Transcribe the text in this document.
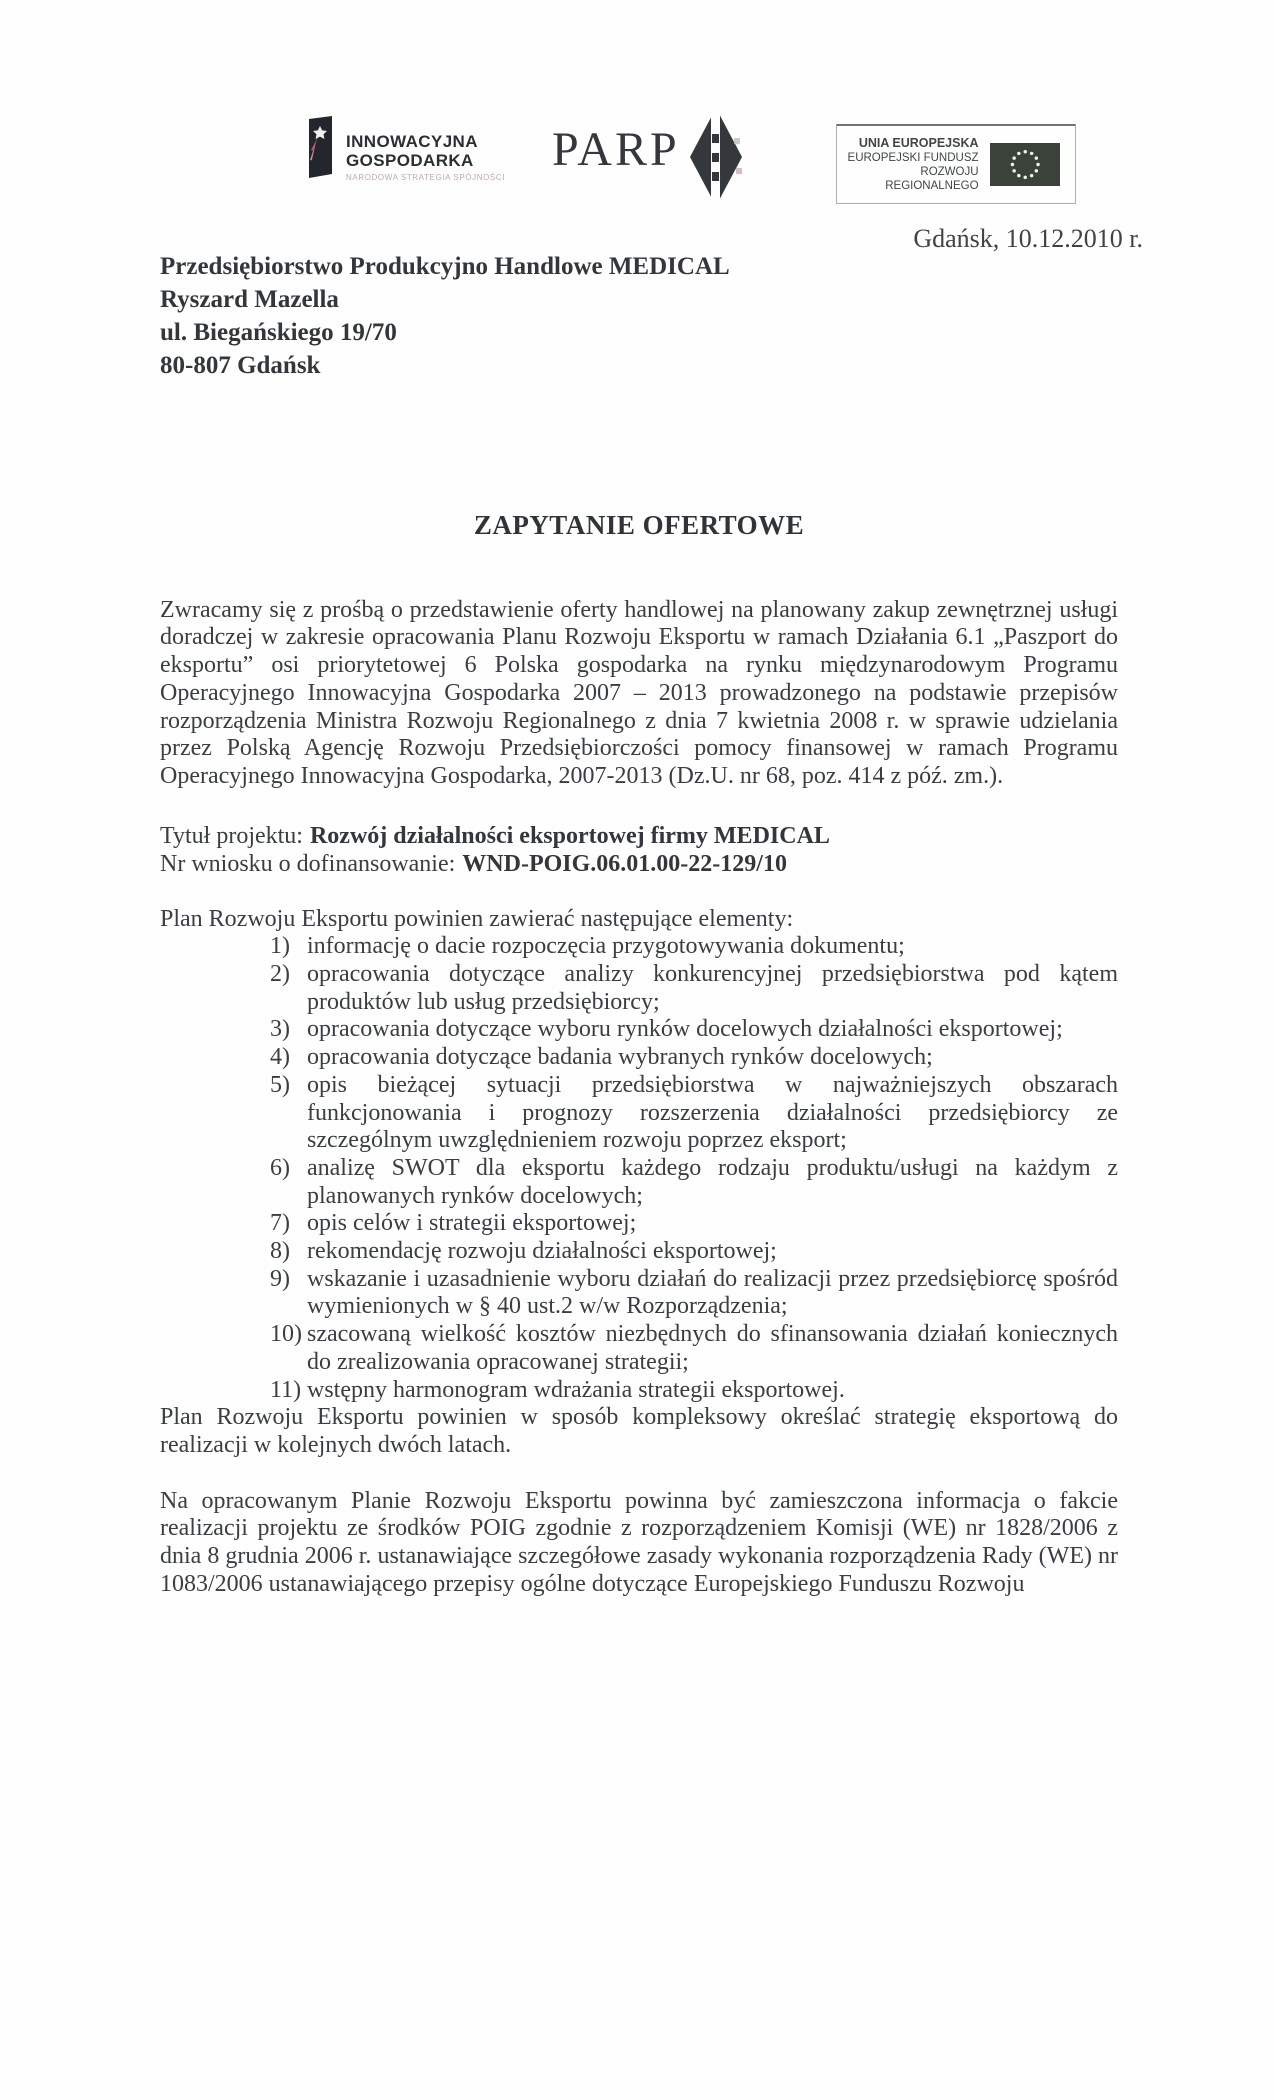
INNOWACYJNA
GOSPODARKA
NARODOWA STRATEGIA SPÓJNOŚCI
PARP	UNIA EUROPEJSKA
EUROPEJSKI FUNDUSZ
ROZWOJU REGIONALNEGO
Gdańsk, 10.12.2010 r.
Przedsiębiorstwo Produkcyjno Handlowe MEDICAL
Ryszard Mazella
ul. Biegańskiego 19/70
80-807 Gdańsk
ZAPYTANIE OFERTOWE

Zwracamy się z prośbą o przedstawienie oferty handlowej na planowany zakup zewnętrznej usługi doradczej w zakresie opracowania Planu Rozwoju Eksportu w ramach Działania 6.1 „Paszport do eksportu” osi priorytetowej 6 Polska gospodarka na rynku międzynarodowym Programu Operacyjnego Innowacyjna Gospodarka 2007 – 2013 prowadzonego na podstawie przepisów rozporządzenia Ministra Rozwoju Regionalnego z dnia 7 kwietnia 2008 r. w sprawie udzielania przez Polską Agencję Rozwoju Przedsiębiorczości pomocy finansowej w ramach Programu Operacyjnego Innowacyjna Gospodarka, 2007-2013 (Dz.U. nr 68, poz. 414 z póź. zm.).

Tytuł projektu: Rozwój działalności eksportowej firmy MEDICAL
Nr wniosku o dofinansowanie: WND-POIG.06.01.00-22-129/10

Plan Rozwoju Eksportu powinien zawierać następujące elementy:

1) informację o dacie rozpoczęcia przygotowywania dokumentu;
2) opracowania dotyczące analizy konkurencyjnej przedsiębiorstwa pod kątem produktów lub usług przedsiębiorcy;
3) opracowania dotyczące wyboru rynków docelowych działalności eksportowej;
4) opracowania dotyczące badania wybranych rynków docelowych;
5) opis bieżącej sytuacji przedsiębiorstwa w najważniejszych obszarach funkcjonowania i prognozy rozszerzenia działalności przedsiębiorcy ze szczególnym uwzględnieniem rozwoju poprzez eksport;
6) analizę SWOT dla eksportu każdego rodzaju produktu/usługi na każdym z planowanych rynków docelowych;
7) opis celów i strategii eksportowej;
8) rekomendację rozwoju działalności eksportowej;
9) wskazanie i uzasadnienie wyboru działań do realizacji przez przedsiębiorcę spośród wymienionych w § 40 ust.2 w/w Rozporządzenia;
10) szacowaną wielkość kosztów niezbędnych do sfinansowania działań koniecznych do zrealizowania opracowanej strategii;
11) wstępny harmonogram wdrażania strategii eksportowej.

Plan Rozwoju Eksportu powinien w sposób kompleksowy określać strategię eksportową do realizacji w kolejnych dwóch latach.

Na opracowanym Planie Rozwoju Eksportu powinna być zamieszczona informacja o fakcie realizacji projektu ze środków POIG zgodnie z rozporządzeniem Komisji (WE) nr 1828/2006 z dnia 8 grudnia 2006 r. ustanawiające szczegółowe zasady wykonania rozporządzenia Rady (WE) nr 1083/2006 ustanawiającego przepisy ogólne dotyczące Europejskiego Funduszu Rozwoju
